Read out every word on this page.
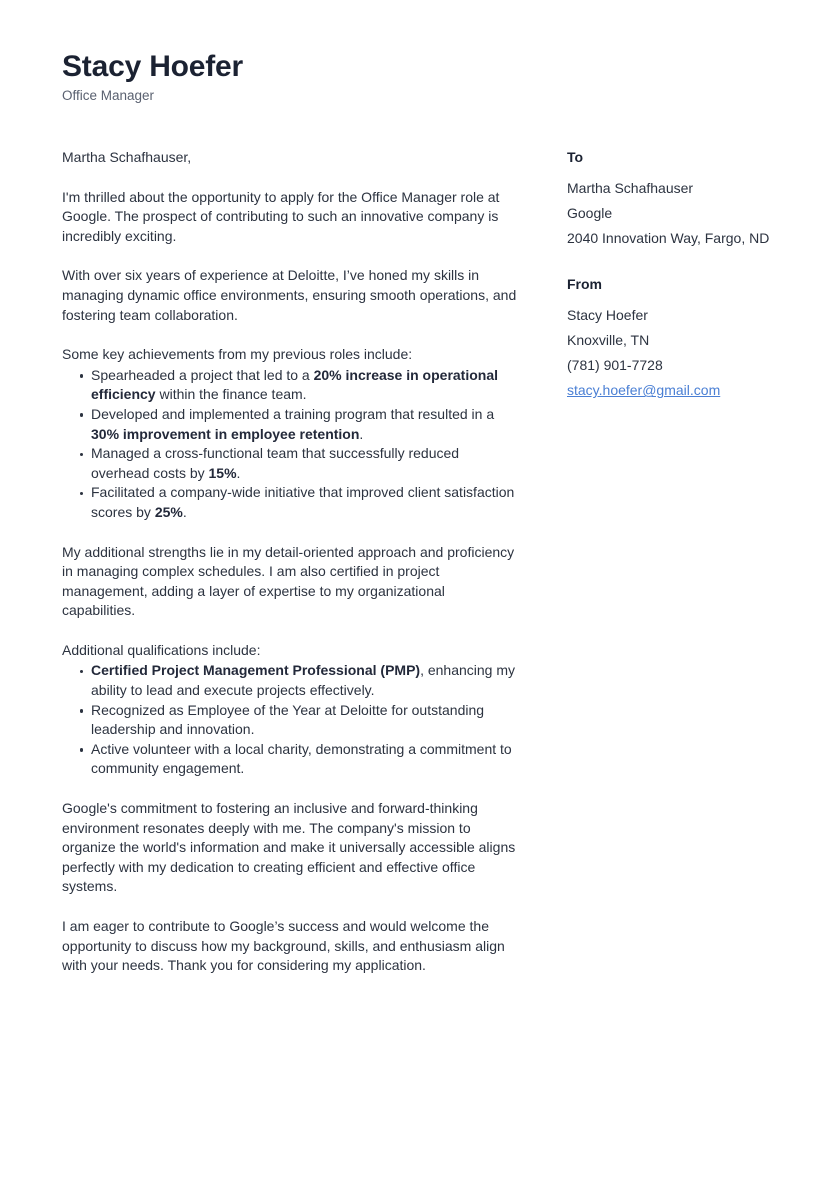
Stacy Hoefer
Office Manager

Martha Schafhauser,

I'm thrilled about the opportunity to apply for the Office Manager role at Google. The prospect of contributing to such an innovative company is incredibly exciting.

With over six years of experience at Deloitte, I’ve honed my skills in managing dynamic office environments, ensuring smooth operations, and fostering team collaboration.

Some key achievements from my previous roles include:

Spearheaded a project that led to a 20% increase in operational efficiency within the finance team.
Developed and implemented a training program that resulted in a 30% improvement in employee retention.
Managed a cross-functional team that successfully reduced overhead costs by 15%.
Facilitated a company-wide initiative that improved client satisfaction scores by 25%.

My additional strengths lie in my detail-oriented approach and proficiency in managing complex schedules. I am also certified in project management, adding a layer of expertise to my organizational capabilities.

Additional qualifications include:

Certified Project Management Professional (PMP), enhancing my ability to lead and execute projects effectively.
Recognized as Employee of the Year at Deloitte for outstanding leadership and innovation.
Active volunteer with a local charity, demonstrating a commitment to community engagement.

Google's commitment to fostering an inclusive and forward-thinking environment resonates deeply with me. The company's mission to organize the world's information and make it universally accessible aligns perfectly with my dedication to creating efficient and effective office systems.

I am eager to contribute to Google’s success and would welcome the opportunity to discuss how my background, skills, and enthusiasm align with your needs. Thank you for considering my application.

To
Martha Schafhauser
Google
2040 Innovation Way, Fargo, ND
From
Stacy Hoefer
Knoxville, TN
(781) 901-7728
stacy.hoefer@gmail.com
